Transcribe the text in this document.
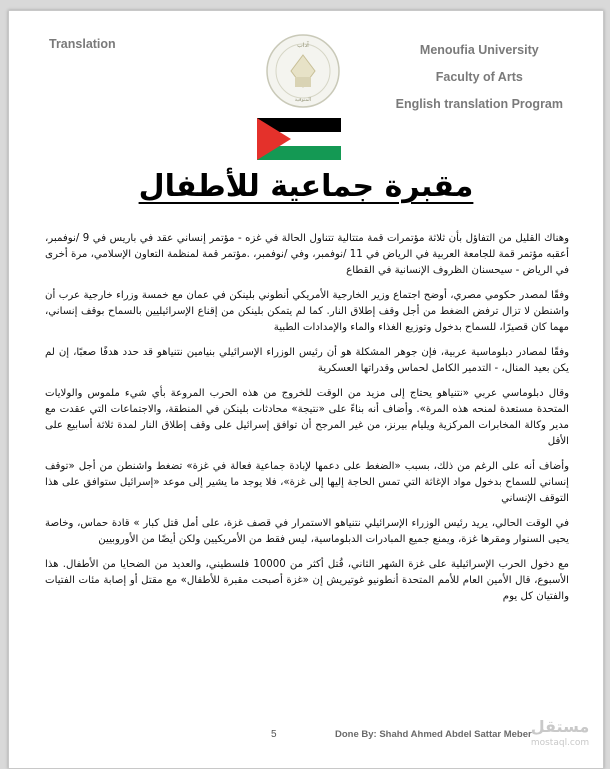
Translation	Menoufia University
Faculty of Arts
English translation Program
آداب
المنوفية
مقبرة جماعية للأطفال

وهناك القليل من التفاؤل بأن ثلاثة مؤتمرات قمة متتالية تتناول الحالة في غزه - مؤتمر إنساني عقد في باريس في 9 /نوفمبر، أعقبه مؤتمر قمة للجامعة العربية في الرياض في 11 /نوفمبر، وفي /نوفمبر، .مؤتمر قمة لمنظمة التعاون الإسلامي، مرة أخرى في الرياض - سيحسنان الظروف الإنسانية في القطاع

وفقًا لمصدر حكومي مصري، أوضح اجتماع وزير الخارجية الأمريكي أنطوني بلينكن في عمان مع خمسة وزراء خارجية عرب أن واشنطن لا تزال ترفض الضغط من أجل وقف إطلاق النار. كما لم يتمكن بلينكن من إقناع الإسرائيليين بالسماح بوقف إنساني، مهما كان قصيرًا، للسماح بدخول وتوزيع الغذاء والماء والإمدادات الطبية

وفقًا لمصادر دبلوماسية عربية، فإن جوهر المشكلة هو أن رئيس الوزراء الإسرائيلي بنيامين نتنياهو قد حدد هدفًا صعبًا، إن لم يكن بعيد المنال، - التدمير الكامل لحماس وقدراتها العسكرية

وقال دبلوماسي عربي «نتنياهو يحتاج إلى مزيد من الوقت للخروج من هذه الحرب المروعة بأي شيء ملموس والولايات المتحدة مستعدة لمنحه هذه المرة». وأضاف أنه بناءً على «نتيجة» محادثات بلينكن في المنطقة، والاجتماعات التي عقدت مع مدير وكالة المخابرات المركزية ويليام بيرنز، من غير المرجح أن توافق إسرائيل على وقف إطلاق النار لمدة ثلاثة أسابيع على الأقل

وأضاف أنه على الرغم من ذلك، بسبب «الضغط على دعمها لإبادة جماعية فعالة في غزة» تضغط واشنطن من أجل «توقف إنساني للسماح بدخول مواد الإغاثة التي تمس الحاجة إليها إلى غزة»، فلا يوجد ما يشير إلى موعد «إسرائيل ستوافق على هذا التوقف الإنساني

في الوقت الحالي، يريد رئيس الوزراء الإسرائيلي نتنياهو الاستمرار في قصف غزة، على أمل قتل كبار » قادة حماس، وخاصة يحيى السنوار ومقرها غزة، ويمنع جميع المبادرات الدبلوماسية، ليس فقط من الأمريكيين ولكن أيضًا من الأوروبيين

مع دخول الحرب الإسرائيلية على غزة الشهر الثاني، قُتل أكثر من 10000 فلسطيني، والعديد من الضحايا من الأطفال. هذا الأسبوع، قال الأمين العام للأمم المتحدة أنطونيو غوتيريش إن «غزة أصبحت مقبرة للأطفال» مع مقتل أو إصابة مئات الفتيات والفتيان كل يوم

5	Done By: Shahd Ahmed Abdel Sattar Meber مستقل
mostaql.com
